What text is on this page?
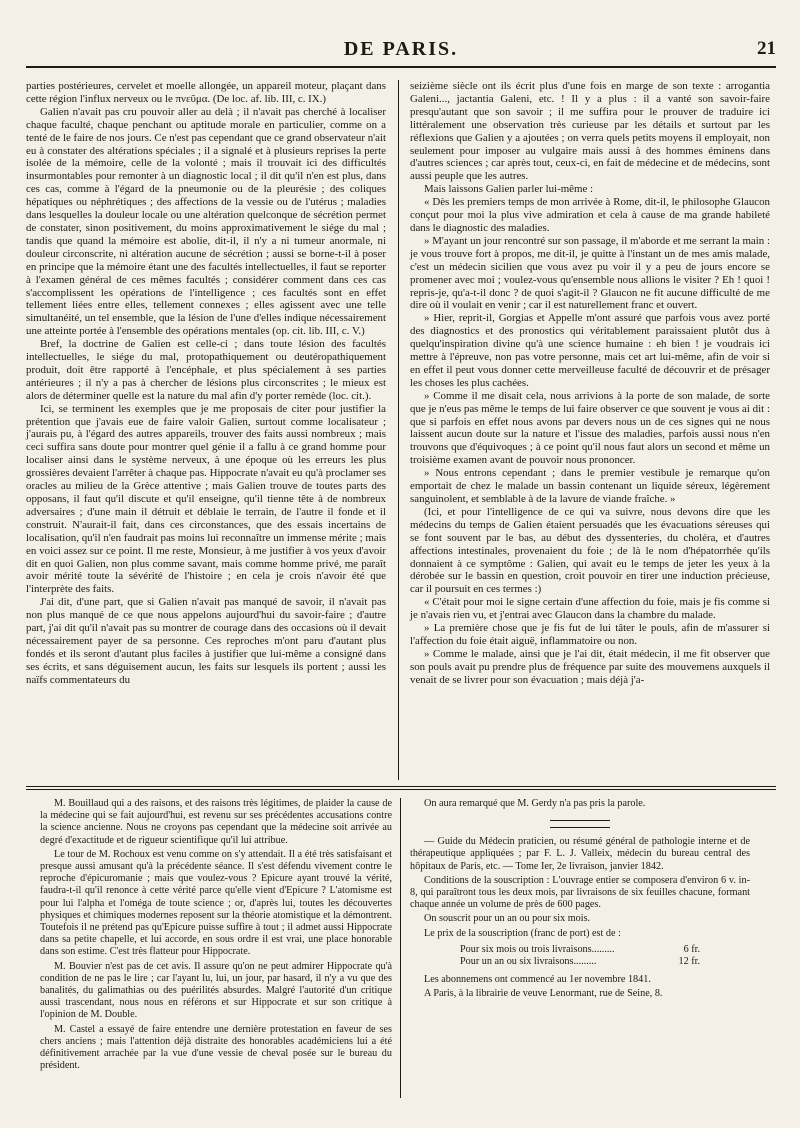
DE PARIS.	21

parties postérieures, cervelet et moelle allongée, un appareil moteur, plaçant dans cette région l'influx nerveux ou le πνεῦμα. (De loc. af. lib. III, c. IX.)

Galien n'avait pas cru pouvoir aller au delà ; il n'avait pas cherché à localiser chaque faculté, chaque penchant ou aptitude morale en particulier, comme on a tenté de le faire de nos jours. Ce n'est pas cependant que ce grand observateur n'ait eu à constater des altérations spéciales ; il a signalé et à plusieurs reprises la perte isolée de la mémoire, celle de la volonté ; mais il trouvait ici des difficultés insurmontables pour remonter à un diagnostic local ; il dit qu'il n'en est plus, dans ces cas, comme à l'égard de la pneumonie ou de la pleurésie ; des coliques hépatiques ou néphrétiques ; des affections de la vessie ou de l'utérus ; maladies dans lesquelles la douleur locale ou une altération quelconque de sécrétion permet de constater, sinon positivement, du moins approximativement le siége du mal ; tandis que quand la mémoire est abolie, dit-il, il n'y a ni tumeur anormale, ni douleur circonscrite, ni altération aucune de sécrétion ; aussi se borne-t-il à poser en principe que la mémoire étant une des facultés intellectuelles, il faut se reporter à l'examen général de ces mêmes facultés ; considérer comment dans ces cas s'accomplissent les opérations de l'intelligence ; ces facultés sont en effet tellement liées entre elles, tellement connexes ; elles agissent avec une telle simultanéité, un tel ensemble, que la lésion de l'une d'elles indique nécessairement une atteinte portée à l'ensemble des opérations mentales (op. cit. lib. III, c. V.)

Bref, la doctrine de Galien est celle-ci ; dans toute lésion des facultés intellectuelles, le siége du mal, protopathiquement ou deutéropathiquement produit, doit être rapporté à l'encéphale, et plus spécialement à ses parties antérieures ; il n'y a pas à chercher de lésions plus circonscrites ; le mieux est alors de déterminer quelle est la nature du mal afin d'y porter remède (loc. cit.).

Ici, se terminent les exemples que je me proposais de citer pour justifier la prétention que j'avais eue de faire valoir Galien, surtout comme localisateur ; j'aurais pu, à l'égard des autres appareils, trouver des faits aussi nombreux ; mais ceci suffira sans doute pour montrer quel génie il a fallu à ce grand homme pour localiser ainsi dans le système nerveux, à une époque où les erreurs les plus grossières devaient l'arrêter à chaque pas. Hippocrate n'avait eu qu'à proclamer ses oracles au milieu de la Grèce attentive ; mais Galien trouve de toutes parts des opposans, il faut qu'il discute et qu'il enseigne, qu'il tienne tête à de nombreux adversaires ; d'une main il détruit et déblaie le terrain, de l'autre il fonde et il construit. N'aurait-il fait, dans ces circonstances, que des essais incertains de localisation, qu'il n'en faudrait pas moins lui reconnaître un immense mérite ; mais en voici assez sur ce point. Il me reste, Monsieur, à me justifier à vos yeux d'avoir dit en quoi Galien, non plus comme savant, mais comme homme privé, me paraît avoir mérité toute la sévérité de l'histoire ; en cela je crois n'avoir été que l'interprète des faits.

J'ai dit, d'une part, que si Galien n'avait pas manqué de savoir, il n'avait pas non plus manqué de ce que nous appelons aujourd'hui du savoir-faire ; d'autre part, j'ai dit qu'il n'avait pas su montrer de courage dans des occasions où il devait nécessairement payer de sa personne. Ces reproches m'ont paru d'autant plus fondés et ils seront d'autant plus faciles à justifier que lui-même a consigné dans ses écrits, et sans déguisement aucun, les faits sur lesquels ils portent ; aussi les naïfs commentateurs du

seizième siècle ont ils écrit plus d'une fois en marge de son texte : arrogantia Galeni..., jactantia Galeni, etc. ! Il y a plus : il a vanté son savoir-faire presqu'autant que son savoir ; il me suffira pour le prouver de traduire ici littéralement une observation très curieuse par les détails et surtout par les réflexions que Galien y a ajoutées ; on verra quels petits moyens il employait, non seulement pour imposer au vulgaire mais aussi à des hommes éminens dans d'autres sciences ; car après tout, ceux-ci, en fait de médecine et de médecins, sont aussi peuple que les autres.

Mais laissons Galien parler lui-même :

« Dès les premiers temps de mon arrivée à Rome, dit-il, le philosophe Glaucon conçut pour moi la plus vive admiration et cela à cause de ma grande habileté dans le diagnostic des maladies.

» M'ayant un jour rencontré sur son passage, il m'aborde et me serrant la main : je vous trouve fort à propos, me dit-il, je quitte à l'instant un de mes amis malade, c'est un médecin sicilien que vous avez pu voir il y a peu de jours encore se promener avec moi ; voulez-vous qu'ensemble nous allions le visiter ? Eh ! quoi ! repris-je, qu'a-t-il donc ? de quoi s'agit-il ? Glaucon ne fit aucune difficulté de me dire où il voulait en venir ; car il est naturellement franc et ouvert.

» Hier, reprit-il, Gorgias et Appelle m'ont assuré que parfois vous avez porté des diagnostics et des pronostics qui véritablement paraissaient plutôt dus à quelqu'inspiration divine qu'à une science humaine : eh bien ! je voudrais ici mettre à l'épreuve, non pas votre personne, mais cet art lui-même, afin de voir si en effet il peut vous donner cette merveilleuse faculté de découvrir et de présager les choses les plus cachées.

» Comme il me disait cela, nous arrivions à la porte de son malade, de sorte que je n'eus pas même le temps de lui faire observer ce que souvent je vous ai dit : que si parfois en effet nous avons par devers nous un de ces signes qui ne nous laissent aucun doute sur la nature et l'issue des maladies, parfois aussi nous n'en trouvons que d'équivoques ; à ce point qu'il nous faut alors un second et même un troisième examen avant de pouvoir nous prononcer.

» Nous entrons cependant ; dans le premier vestibule je remarque qu'on emportait de chez le malade un bassin contenant un liquide séreux, légèrement sanguinolent, et semblable à de la lavure de viande fraîche. »

(Ici, et pour l'intelligence de ce qui va suivre, nous devons dire que les médecins du temps de Galien étaient persuadés que les évacuations séreuses qui se font souvent par le bas, au début des dyssenteries, du choléra, et d'autres affections intestinales, provenaient du foie ; de là le nom d'hépatorrhée qu'ils donnaient à ce symptôme : Galien, qui avait eu le temps de jeter les yeux à la dérobée sur le bassin en question, croit pouvoir en tirer une induction précieuse, car il poursuit en ces termes :)

« C'était pour moi le signe certain d'une affection du foie, mais je fis comme si je n'avais rien vu, et j'entrai avec Glaucon dans la chambre du malade.

» La première chose que je fis fut de lui tâter le pouls, afin de m'assurer si l'affection du foie était aiguë, inflammatoire ou non.

» Comme le malade, ainsi que je l'ai dit, était médecin, il me fit observer que son pouls avait pu prendre plus de fréquence par suite des mouvemens auxquels il venait de se livrer pour son évacuation ; mais déjà j'a-

M. Bouillaud qui a des raisons, et des raisons très légitimes, de plaider la cause de la médecine qui se fait aujourd'hui, est revenu sur ses précédentes accusations contre la science ancienne. Nous ne croyons pas cependant que la médecine soit arrivée au degré d'exactitude et de rigueur scientifique qu'il lui attribue.

Le tour de M. Rochoux est venu comme on s'y attendait. Il a été très satisfaisant et presque aussi amusant qu'à la précédente séance. Il s'est défendu vivement contre le reproche d'épicuromanie ; mais que voulez-vous ? Epicure ayant trouvé la vérité, faudra-t-il qu'il renonce à cette vérité parce qu'elle vient d'Epicure ? L'atomisme est pour lui l'alpha et l'oméga de toute science ; or, d'après lui, toutes les découvertes physiques et chimiques modernes reposent sur la théorie atomistique et la démontrent. Toutefois il ne prétend pas qu'Epicure puisse suffire à tout ; il admet aussi Hippocrate dans sa petite chapelle, et lui accorde, en sous ordre il est vrai, une place honorable dans son estime. C'est très flatteur pour Hippocrate.

M. Bouvier n'est pas de cet avis. Il assure qu'on ne peut admirer Hippocrate qu'à condition de ne pas le lire ; car l'ayant lu, lui, un jour, par hasard, il n'y a vu que des banalités, du galimathias ou des puérilités absurdes. Malgré l'autorité d'un critique aussi trascendant, nous nous en référons et sur Hippocrate et sur son critique à l'opinion de M. Double.

M. Castel a essayé de faire entendre une dernière protestation en faveur de ses chers anciens ; mais l'attention déjà distraite des honorables académiciens lui a été définitivement arrachée par la vue d'une vessie de cheval posée sur le bureau du président.

On aura remarqué que M. Gerdy n'a pas pris la parole.

— Guide du Médecin praticien, ou résumé général de pathologie interne et de thérapeutique appliquées ; par F. L. J. Valleix, médecin du bureau central des hôpitaux de Paris, etc. — Tome Ier, 2e livraison, janvier 1842.

Conditions de la souscription : L'ouvrage entier se composera d'environ 6 v. in-8, qui paraîtront tous les deux mois, par livraisons de six feuilles chacune, formant chaque année un volume de près de 600 pages.

On souscrit pour un an ou pour six mois.

Le prix de la souscription (franc de port) est de :

Pour six mois ou trois livraisons.........	6 fr.
Pour un an ou six livraisons.........	12 fr.

Les abonnemens ont commencé au 1er novembre 1841.

A Paris, à la librairie de veuve Lenormant, rue de Seine, 8.
